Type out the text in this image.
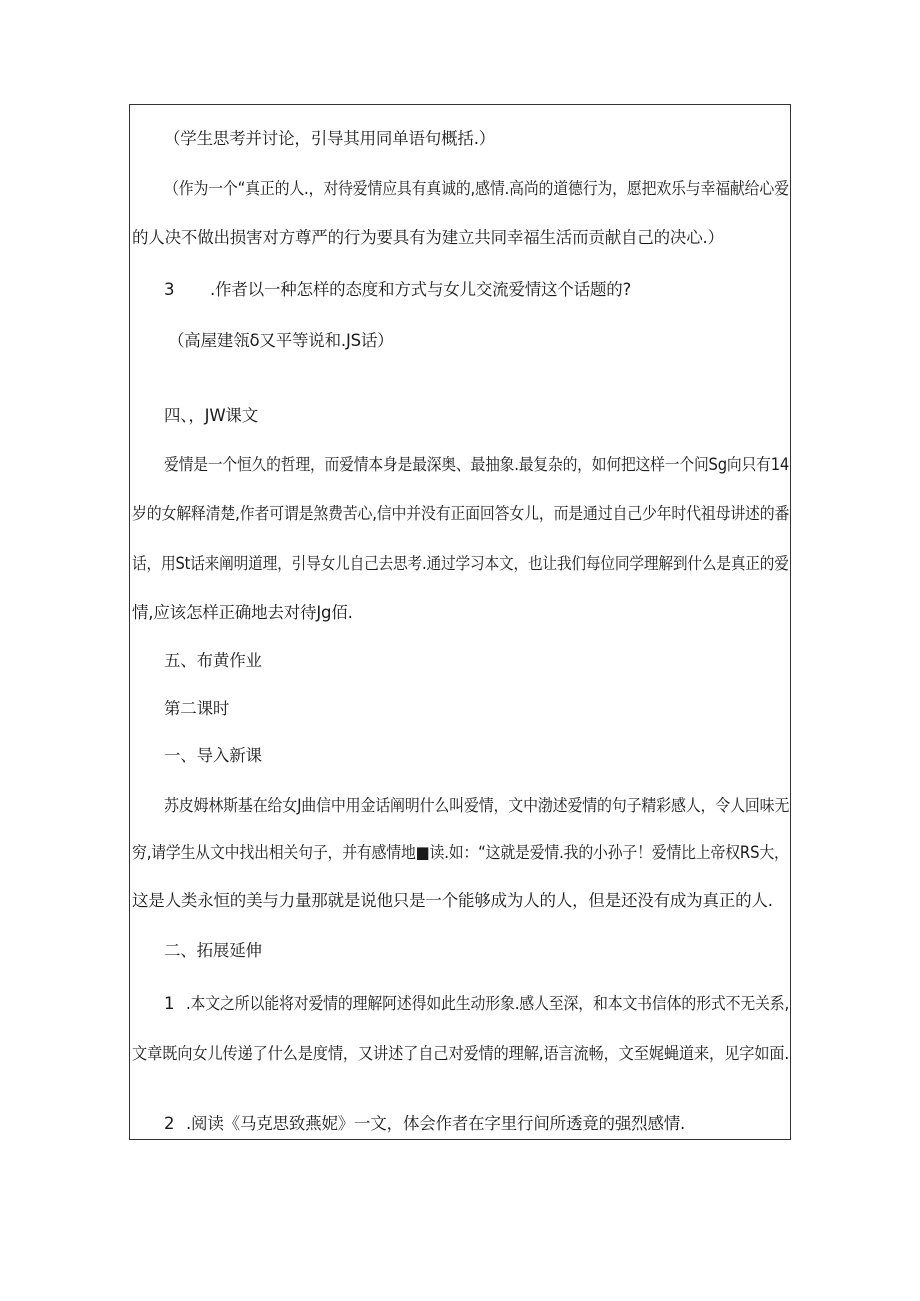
（学生思考并讨论，引导其用同单语句概括.）
（作为一个“真正的人.，对待爱情应具有真诚的,感情.高尚的道德行为，愿把欢乐与幸福献给心爱
的人决不做出损害对方尊严的行为要具有为建立共同幸福生活而贡献自己的决心.）
3 .作者以一种怎样的态度和方式与女儿交流爱情这个话题的?
（高屋建瓴δ又平等说和.JS话）
四、，JW课文
爱情是一个恒久的哲理，而爱情本身是最深奥、最抽象.最复杂的，如何把这样一个问Sg向只有14
岁的女解释清楚,作者可谓是煞费苦心,信中并没有正面回答女儿，而是通过自己少年时代祖母讲述的番
话，用St话来阐明道理，引导女儿自己去思考.通过学习本文，也让我们每位同学理解到什么是真正的爱
情,应该怎样正确地去对待Jg佰.
五、布黄作业
第二课时
一、导入新课
苏皮姆林斯基在给女J曲信中用金话阐明什么叫爱情，文中渤述爱情的句子精彩感人，令人回味无
穷,请学生从文中找出相关句子，并有感情地■读.如：“这就是爱情.我的小孙子！爱情比上帝权RS大，
这是人类永恒的美与力量那就是说他只是一个能够成为人的人，但是还没有成为真正的人.
二、拓展延伸
1 .本文之所以能将对爱情的理解阿述得如此生动形象.感人至深，和本文书信体的形式不无关系,
文章既向女儿传递了什么是度情，又讲述了自己对爱情的理解,语言流畅，文至娓蝇道来，见字如面.
2 .阅读《马克思致燕妮》一文，体会作者在字里行间所透竟的强烈感情.
